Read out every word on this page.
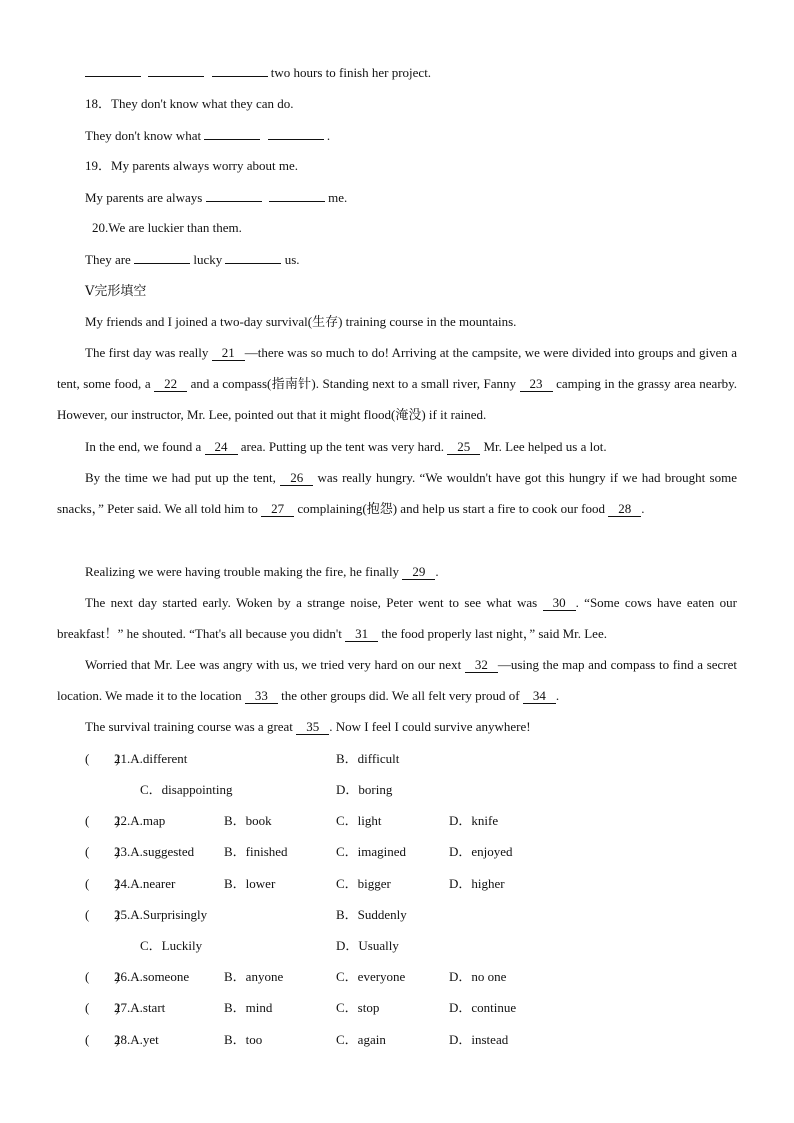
two hours to finish her project.
18．They don't know what they can do.
They don't know what	.
19．My parents always worry about me.
My parents are always	me.
20.We are luckier than them.
They are	lucky	us.
Ⅴ完形填空
My friends and I joined a two-day survival(生存) training course in the mountains.
The first day was really 21 —there was so much to do! Arriving at the campsite, we were divided into groups and given a tent, some food, a 22 and a compass(指南针). Standing next to a small river, Fanny 23 camping in the grassy area nearby. However, our instructor, Mr. Lee, pointed out that it might flood(淹没) if it rained.
In the end, we found a 24 area. Putting up the tent was very hard. 25 Mr. Lee helped us a lot.
By the time we had put up the tent, 26 was really hungry. “We wouldn't have got this hungry if we had brought some snacks，” Peter said. We all told him to 27 complaining(抱怨) and help us start a fire to cook our food 28 .
Realizing we were having trouble making the fire, he finally 29 .
The next day started early. Woken by a strange noise, Peter went to see what was 30 . “Some cows have eaten our breakfast！” he shouted. “That's all because you didn't 31 the food properly last night，” said Mr. Lee.
Worried that Mr. Lee was angry with us, we tried very hard on our next 32 —using the map and compass to find a secret location. We made it to the location 33 the other groups did. We all felt very proud of 34 .
The survival training course was a great 35 . Now I feel I could survive anywhere!
(　　)
21.A.different	B．difficult
C．disappointing	D．boring
(　　)
22.A.map	B．book	C．light	D．knife
(　　)
23.A.suggested B．finished	C．imagined	D．enjoyed
(　　)
24.A.nearer	B．lower	C．bigger	D．higher
(　　)
25.A.Surprisingly	B．Suddenly
C．Luckily	D．Usually
(　　)
26.A.someone	B．anyone	C．everyone	D．no one
(　　)
27.A.start	B．mind	C．stop	D．continue
(　　)
28.A.yet	B．too	C．again	D．instead
